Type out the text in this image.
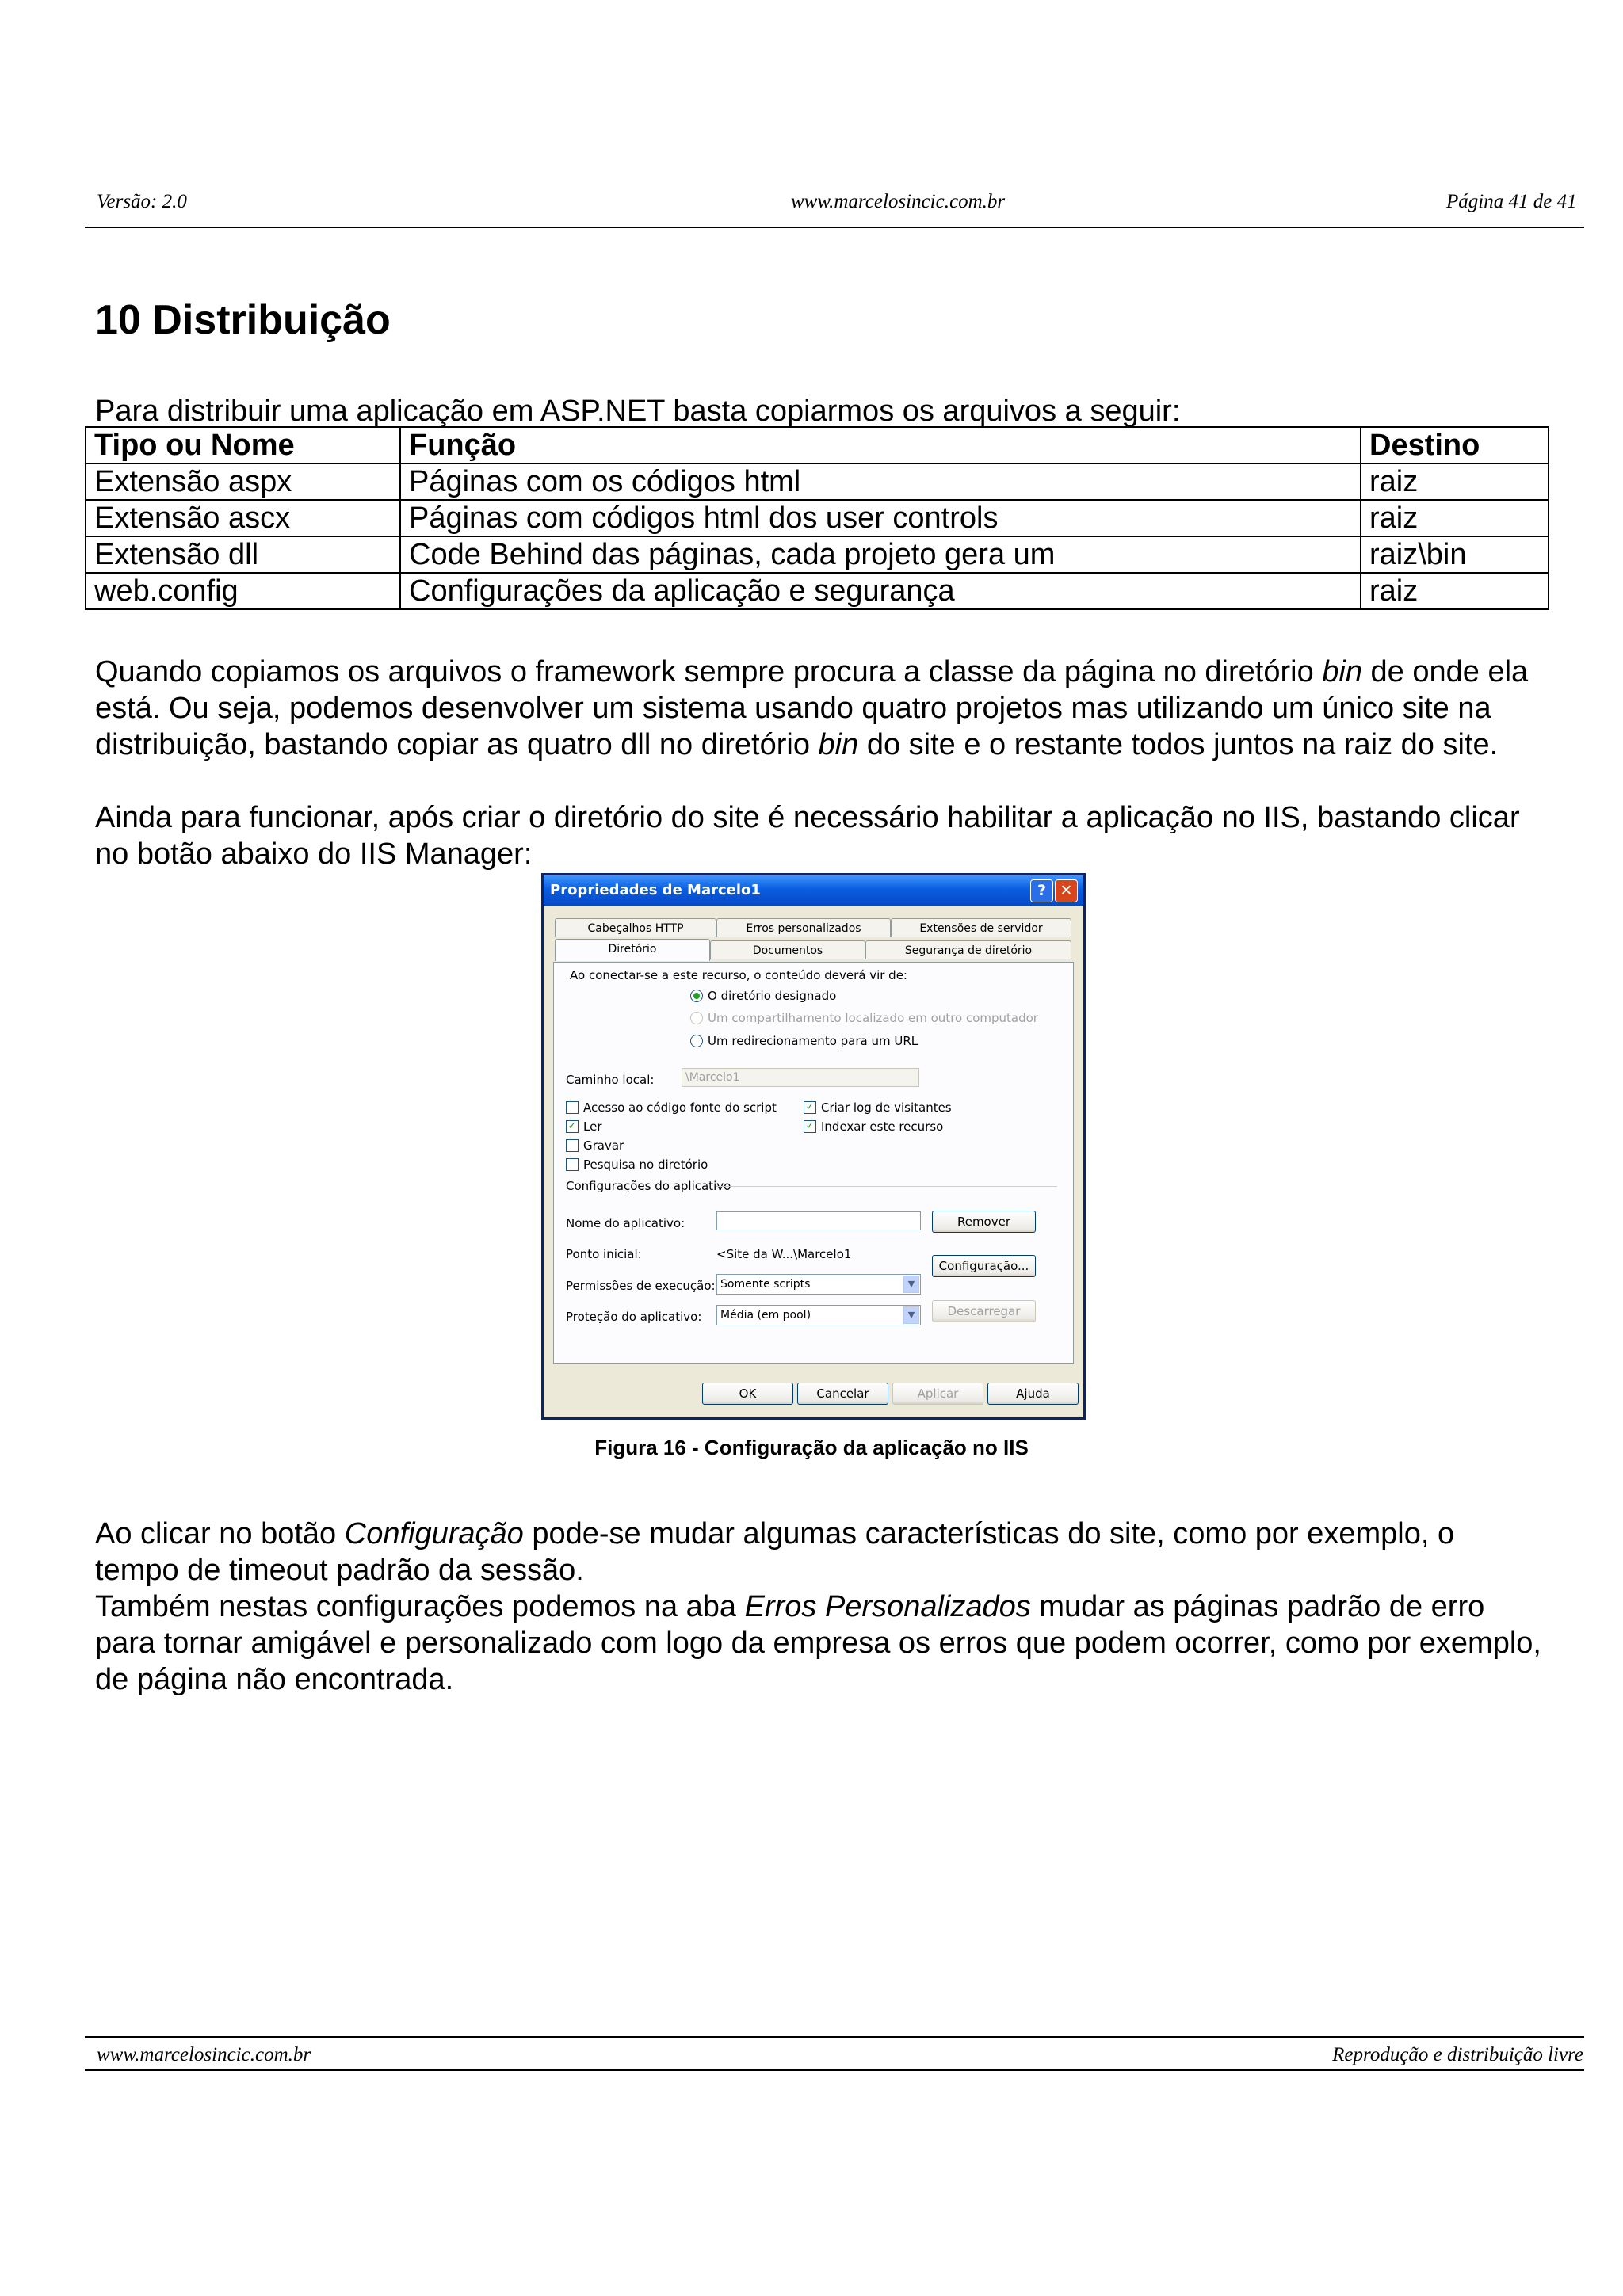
Versão: 2.0	www.marcelosincic.com.br	Página 41 de 41
10 Distribuição

Para distribuir uma aplicação em ASP.NET basta copiarmos os arquivos a seguir:

Tipo ou Nome	Função	Destino
Extensão aspx	Páginas com os códigos html	raiz
Extensão ascx	Páginas com códigos html dos user controls	raiz
Extensão dll	Code Behind das páginas, cada projeto gera um	raiz\bin
web.config	Configurações da aplicação e segurança	raiz

Quando copiamos os arquivos o framework sempre procura a classe da página no diretório bin de onde ela está. Ou seja, podemos desenvolver um sistema usando quatro projetos mas utilizando um único site na distribuição, bastando copiar as quatro dll no diretório bin do site e o restante todos juntos na raiz do site.

Ainda para funcionar, após criar o diretório do site é necessário habilitar a aplicação no IIS, bastando clicar no botão abaixo do IIS Manager:

Propriedades de Marcelo1	? ✕
Cabeçalhos HTTP	Erros personalizados	Extensões de servidor
Diretório	Documentos	Segurança de diretório
Ao conectar-se a este recurso, o conteúdo deverá vir de:
O diretório designado
Um compartilhamento localizado em outro computador
Um redirecionamento para um URL
Caminho local:	\Marcelo1
Acesso ao código fonte do script
✓ Ler
Gravar
Pesquisa no diretório
✓ Criar log de visitantes
✓ Indexar este recurso
Configurações do aplicativo
Nome do aplicativo:	Remover
Ponto inicial:	<Site da W...\Marcelo1
Configuração...
Permissões de execução: Somente scripts	▼
Proteção do aplicativo:	Média (em pool)	▼	Descarregar
OK	Cancelar	Aplicar	Ajuda
Figura 16 - Configuração da aplicação no IIS

Ao clicar no botão Configuração pode-se mudar algumas características do site, como por exemplo, o tempo de timeout padrão da sessão.

Também nestas configurações podemos na aba Erros Personalizados mudar as páginas padrão de erro para tornar amigável e personalizado com logo da empresa os erros que podem ocorrer, como por exemplo, de página não encontrada.

www.marcelosincic.com.br	Reprodução e distribuição livre
